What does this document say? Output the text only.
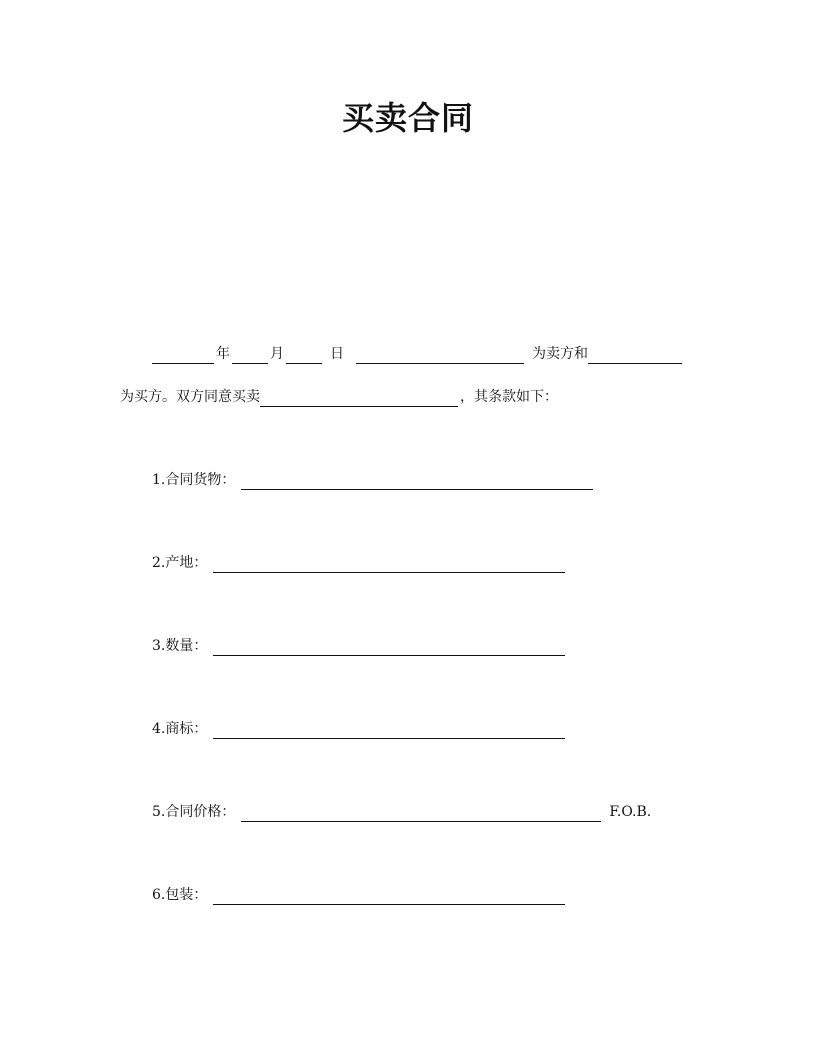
买卖合同
年	月	日	为卖方和
为买方。双方同意买卖	，其条款如下：
1.合同货物：
2.产地：
3.数量：
4.商标：
5.合同价格：	F.O.B.
6.包装：
